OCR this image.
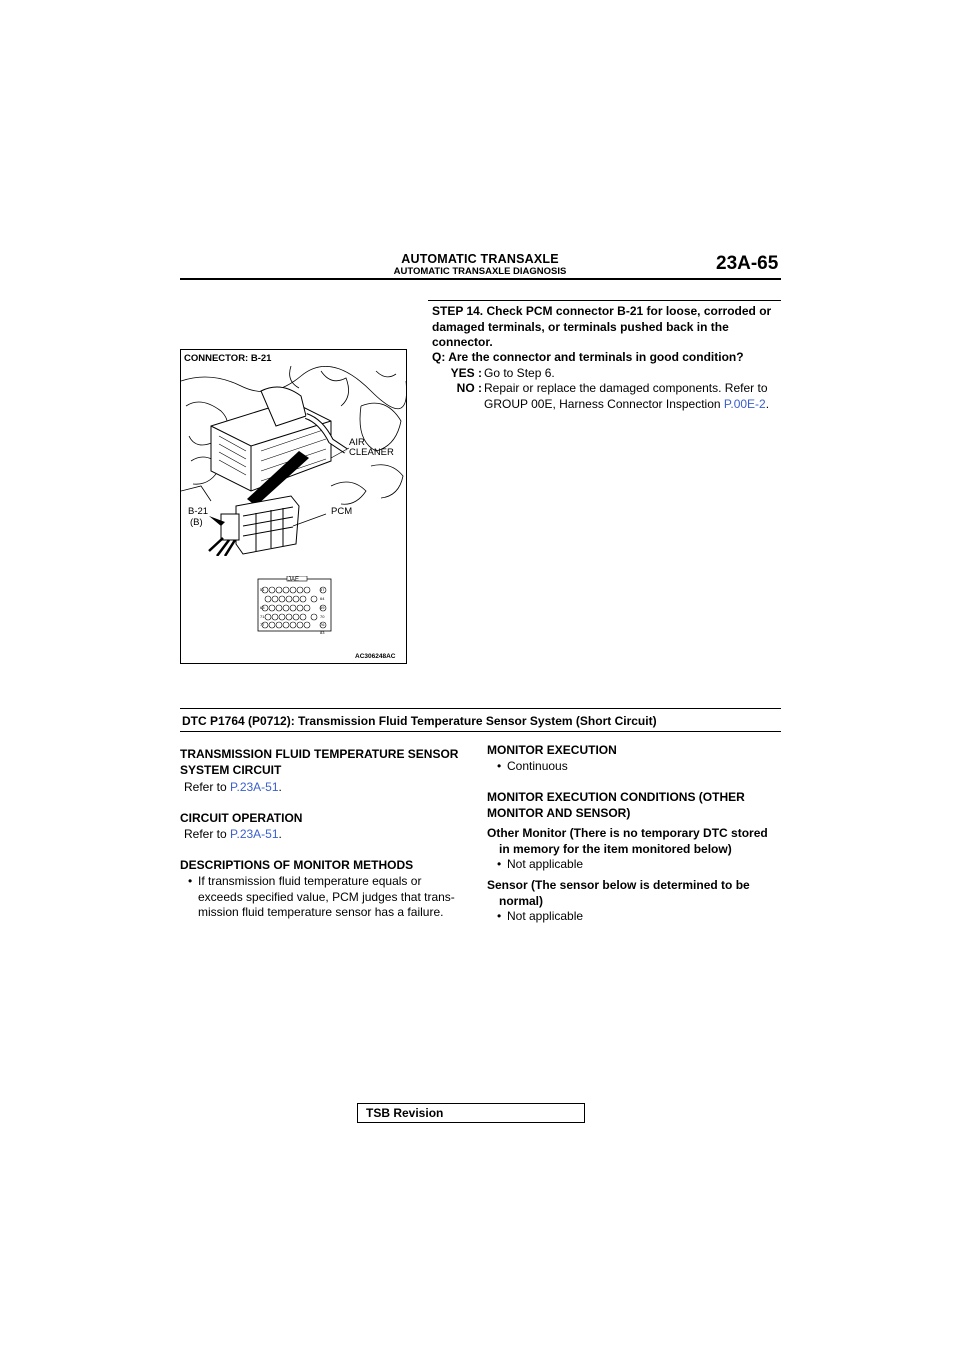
AUTOMATIC TRANSAXLE
AUTOMATIC TRANSAXLE DIAGNOSIS	23A-65
STEP 14. Check PCM connector B-21 for loose, corroded or damaged terminals, or terminals pushed back in the connector.
Q: Are the connector and terminals in good condition?
YES : Go to Step 6.
NO : Repair or replace the damaged components. Refer to GROUP 00E, Harness Connector Inspection P.00E-2.
CONNECTOR: B-21
AIR
CLEANER
PCM
B-21
(B)
JAE
51	57
63
64
69
70
71
76
77
83
AC306248AC
DTC P1764 (P0712): Transmission Fluid Temperature Sensor System (Short Circuit)
TRANSMISSION FLUID TEMPERATURE SENSOR SYSTEM CIRCUIT
Refer to P.23A-51.
CIRCUIT OPERATION
Refer to P.23A-51.
DESCRIPTIONS OF MONITOR METHODS
• If transmission fluid temperature equals or exceeds specified value, PCM judges that trans-mission fluid temperature sensor has a failure.
MONITOR EXECUTION
• Continuous
MONITOR EXECUTION CONDITIONS (OTHER MONITOR AND SENSOR)
Other Monitor (There is no temporary DTC stored in memory for the item monitored below)
• Not applicable
Sensor (The sensor below is determined to be normal)
• Not applicable
TSB Revision
